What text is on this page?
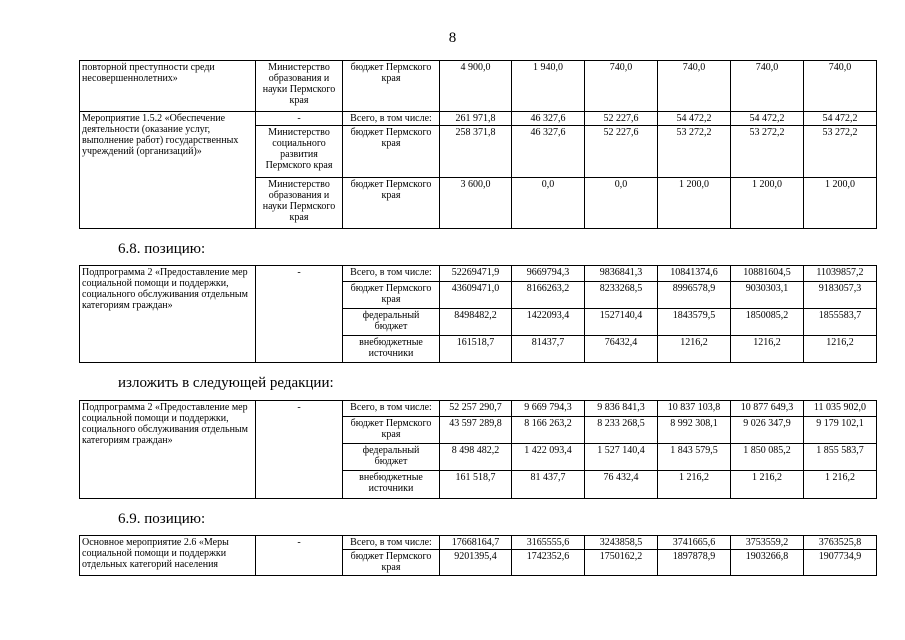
8
повторной преступности среди несовершеннолетних»	Министерство образования и науки Пермского края	бюджет Пермского края	4 900,0	1 940,0	740,0	740,0	740,0	740,0
Мероприятие 1.5.2 «Обеспечение деятельности (оказание услуг, выполнение работ) государственных учреждений (организаций)»	-	Всего, в том числе:	261 971,8	46 327,6	52 227,6	54 472,2	54 472,2	54 472,2
	Министерство социального развития Пермского края	бюджет Пермского края	258 371,8	46 327,6	52 227,6	53 272,2	53 272,2	53 272,2
	Министерство образования и науки Пермского края	бюджет Пермского края	3 600,0	0,0	0,0	1 200,0	1 200,0	1 200,0
6.8. позицию:
Подпрограмма 2 «Предоставление мер социальной помощи и поддержки, социального обслуживания отдельным категориям граждан»	-	Всего, в том числе:	52269471,9	9669794,3	9836841,3	10841374,6	10881604,5	11039857,2
		бюджет Пермского края	43609471,0	8166263,2	8233268,5	8996578,9	9030303,1	9183057,3
		федеральный бюджет	8498482,2	1422093,4	1527140,4	1843579,5	1850085,2	1855583,7
		внебюджетные источники	161518,7	81437,7	76432,4	1216,2	1216,2	1216,2
изложить в следующей редакции:
Подпрограмма 2 «Предоставление мер социальной помощи и поддержки, социального обслуживания отдельным категориям граждан»	-	Всего, в том числе:	52 257 290,7	9 669 794,3	9 836 841,3	10 837 103,8	10 877 649,3	11 035 902,0
		бюджет Пермского края	43 597 289,8	8 166 263,2	8 233 268,5	8 992 308,1	9 026 347,9	9 179 102,1
		федеральный бюджет	8 498 482,2	1 422 093,4	1 527 140,4	1 843 579,5	1 850 085,2	1 855 583,7
		внебюджетные источники	161 518,7	81 437,7	76 432,4	1 216,2	1 216,2	1 216,2
6.9. позицию:
Основное мероприятие 2.6 «Меры социальной помощи и поддержки отдельных категорий населения	-	Всего, в том числе:	17668164,7	3165555,6	3243858,5	3741665,6	3753559,2	3763525,8
		бюджет Пермского края	9201395,4	1742352,6	1750162,2	1897878,9	1903266,8	1907734,9
